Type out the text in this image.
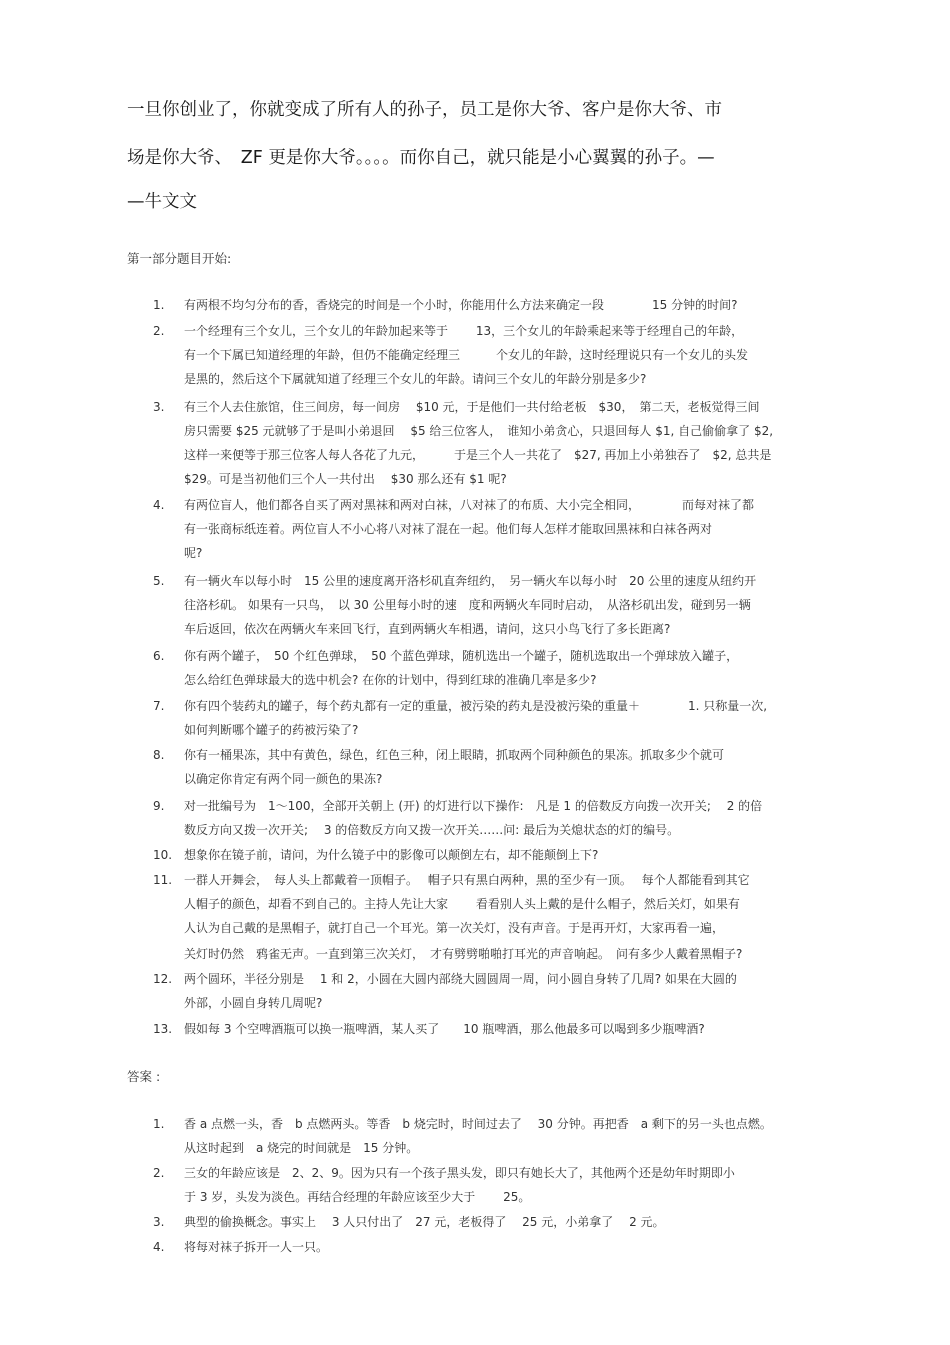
一旦你创业了，你就变成了所有人的孙子，员工是你大爷、客户是你大爷、市
场是你大爷、　ZF 更是你大爷。。。。而你自己，就只能是小心翼翼的孙子。—
—牛文文
第一部分题目开始:
1.	有两根不均匀分布的香，香烧完的时间是一个小时，你能用什么方法来确定一段　　　　15 分钟的时间?
2.	一个经理有三个女儿，三个女儿的年龄加起来等于　　 13，三个女儿的年龄乘起来等于经理自己的年龄，
有一个下属已知道经理的年龄，但仍不能确定经理三　　　个女儿的年龄，这时经理说只有一个女儿的头发
是黑的，然后这个下属就知道了经理三个女儿的年龄。请问三个女儿的年龄分别是多少?
3.	有三个人去住旅馆，住三间房，每一间房　 $10 元，于是他们一共付给老板　$30，　第二天，老板觉得三间
房只需要 $25 元就够了于是叫小弟退回　 $5 给三位客人，　谁知小弟贪心，只退回每人 $1, 自己偷偷拿了 $2,
这样一来便等于那三位客人每人各花了九元，　　　于是三个人一共花了　$27, 再加上小弟独吞了　$2, 总共是
$29。可是当初他们三个人一共付出　 $30 那么还有 $1 呢?
4.	有两位盲人，他们都各自买了两对黑袜和两对白袜，八对袜了的布质、大小完全相同，　　　　而每对袜了都
有一张商标纸连着。两位盲人不小心将八对袜了混在一起。他们每人怎样才能取回黑袜和白袜各两对
呢?
5.	有一辆火车以每小时　15 公里的速度离开洛杉矶直奔纽约，　另一辆火车以每小时　20 公里的速度从纽约开
往洛杉矶。 如果有一只鸟，　以 30 公里每小时的速　度和两辆火车同时启动，　从洛杉矶出发，碰到另一辆
车后返回，依次在两辆火车来回飞行，直到两辆火车相遇，请问，这只小鸟飞行了多长距离?
6.	你有两个罐子，　50 个红色弹球，　50 个蓝色弹球，随机选出一个罐子，随机选取出一个弹球放入罐子，
怎么给红色弹球最大的选中机会? 在你的计划中，得到红球的准确几率是多少?
7.	你有四个装药丸的罐子，每个药丸都有一定的重量，被污染的药丸是没被污染的重量＋　　　　1. 只称量一次,
如何判断哪个罐子的药被污染了?
8.	你有一桶果冻，其中有黄色，绿色，红色三种，闭上眼睛，抓取两个同种颜色的果冻。抓取多少个就可
以确定你肯定有两个同一颜色的果冻?
9.	对一批编号为　1～100，全部开关朝上 (开) 的灯进行以下操作:　凡是 1 的倍数反方向拨一次开关;　 2 的倍
数反方向又拨一次开关;　 3 的倍数反方向又拨一次开关……问: 最后为关熄状态的灯的编号。
10. 想象你在镜子前，请问，为什么镜子中的影像可以颠倒左右，却不能颠倒上下?
11. 一群人开舞会，　每人头上都戴着一顶帽子。　 帽子只有黑白两种，黑的至少有一顶。　 每个人都能看到其它
人帽子的颜色，却看不到自己的。主持人先让大家　　 看看别人头上戴的是什么帽子，然后关灯，如果有
人认为自己戴的是黑帽子，就打自己一个耳光。第一次关灯，没有声音。于是再开灯，大家再看一遍，
关灯时仍然　鸦雀无声。一直到第三次关灯，　才有劈劈啪啪打耳光的声音响起。　问有多少人戴着黑帽子?
12. 两个圆环，半径分别是　 1 和 2，小圆在大圆内部绕大圆圆周一周，问小圆自身转了几周? 如果在大圆的
外部，小圆自身转几周呢?
13. 假如每 3 个空啤酒瓶可以换一瓶啤酒，某人买了　　10 瓶啤酒，那么他最多可以喝到多少瓶啤酒?
答案 :
1.	香 a 点燃一头，香　b 点燃两头。等香　b 烧完时，时间过去了　 30 分钟。再把香　a 剩下的另一头也点燃。
从这时起到　a 烧完的时间就是　15 分钟。
2.	三女的年龄应该是　2、2、9。因为只有一个孩子黑头发，即只有她长大了，其他两个还是幼年时期即小
于 3 岁，头发为淡色。再结合经理的年龄应该至少大于　　 25。
3.	典型的偷换概念。事实上　 3 人只付出了　27 元，老板得了　 25 元，小弟拿了　 2 元。
4.	将每对袜子拆开一人一只。
